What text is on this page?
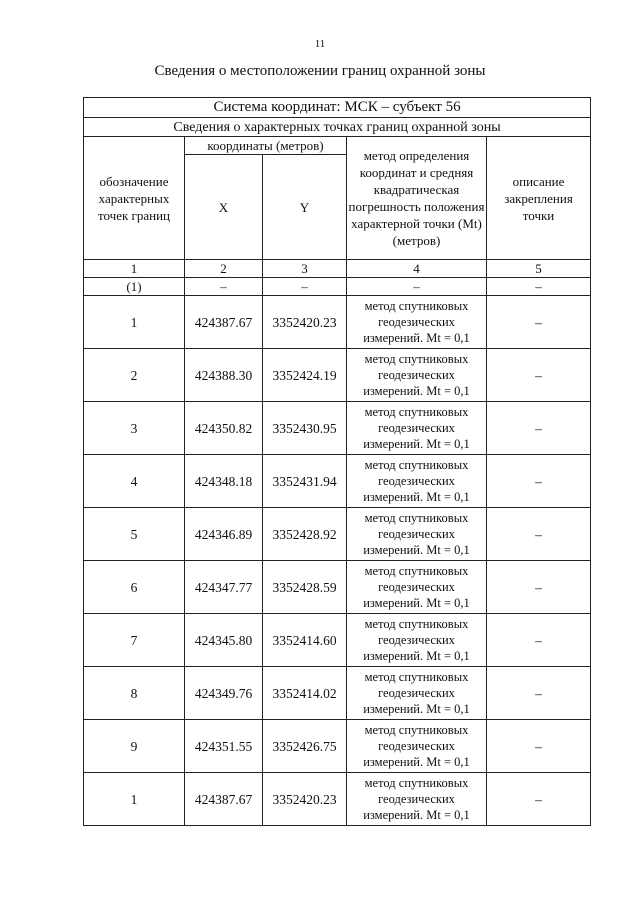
11
Сведения о местоположении границ охранной зоны
Система координат: МСК – субъект 56				
Сведения о характерных точках границ охранной зоны				
обозначение характерных точек границ	координаты (метров)		метод определения координат и средняя квадратическая погрешность положения характерной точки (Mt) (метров)	описание закрепления точки
	X	Y		
1	2	3	4	5
(1)	–	–	–	–
1	424387.67	3352420.23	метод спутниковых геодезических измерений. Mt = 0,1	–
2	424388.30	3352424.19	метод спутниковых геодезических измерений. Mt = 0,1	–
3	424350.82	3352430.95	метод спутниковых геодезических измерений. Mt = 0,1	–
4	424348.18	3352431.94	метод спутниковых геодезических измерений. Mt = 0,1	–
5	424346.89	3352428.92	метод спутниковых геодезических измерений. Mt = 0,1	–
6	424347.77	3352428.59	метод спутниковых геодезических измерений. Mt = 0,1	–
7	424345.80	3352414.60	метод спутниковых геодезических измерений. Mt = 0,1	–
8	424349.76	3352414.02	метод спутниковых геодезических измерений. Mt = 0,1	–
9	424351.55	3352426.75	метод спутниковых геодезических измерений. Mt = 0,1	–
1	424387.67	3352420.23	метод спутниковых геодезических измерений. Mt = 0,1	–
